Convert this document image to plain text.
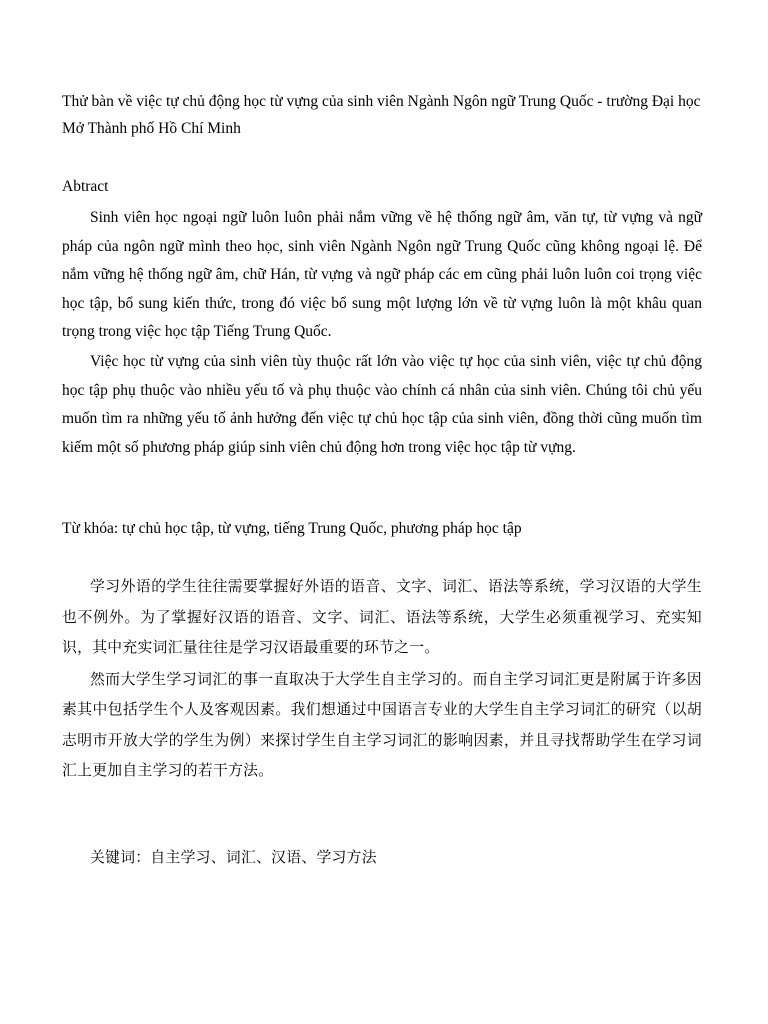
Thử bàn về việc tự chủ động học từ vựng của sinh viên Ngành Ngôn ngữ Trung Quốc - trường Đại học Mở Thành phố Hồ Chí Minh
Abtract

Sinh viên học ngoại ngữ luôn luôn phải nắm vững về hệ thống ngữ âm, văn tự, từ vựng và ngữ pháp của ngôn ngữ mình theo học, sinh viên Ngành Ngôn ngữ Trung Quốc cũng không ngoại lệ. Để nắm vững hệ thống ngữ âm, chữ Hán, từ vựng và ngữ pháp các em cũng phải luôn luôn coi trọng việc học tập, bổ sung kiến thức, trong đó việc bổ sung một lượng lớn về từ vựng luôn là một khâu quan trọng trong việc học tập Tiếng Trung Quốc.

Việc học từ vựng của sinh viên tùy thuộc rất lớn vào việc tự học của sinh viên, việc tự chủ động học tập phụ thuộc vào nhiều yếu tố và phụ thuộc vào chính cá nhân của sinh viên. Chúng tôi chủ yếu muốn tìm ra những yếu tố ảnh hưởng đến việc tự chủ học tập của sinh viên, đồng thời cũng muốn tìm kiếm một số phương pháp giúp sinh viên chủ động hơn trong việc học tập từ vựng.

Từ khóa: tự chủ học tập, từ vựng, tiếng Trung Quốc, phương pháp học tập

学习外语的学生往往需要掌握好外语的语音、文字、词汇、语法等系统，学习汉语的大学生也不例外。为了掌握好汉语的语音、文字、词汇、语法等系统，大学生必须重视学习、充实知识，其中充实词汇量往往是学习汉语最重要的环节之一。

然而大学生学习词汇的事一直取决于大学生自主学习的。而自主学习词汇更是附属于许多因素其中包括学生个人及客观因素。我们想通过中国语言专业的大学生自主学习词汇的研究（以胡志明市开放大学的学生为例）来探讨学生自主学习词汇的影响因素，并且寻找帮助学生在学习词汇上更加自主学习的若干方法。

关键词：自主学习、词汇、汉语、学习方法
